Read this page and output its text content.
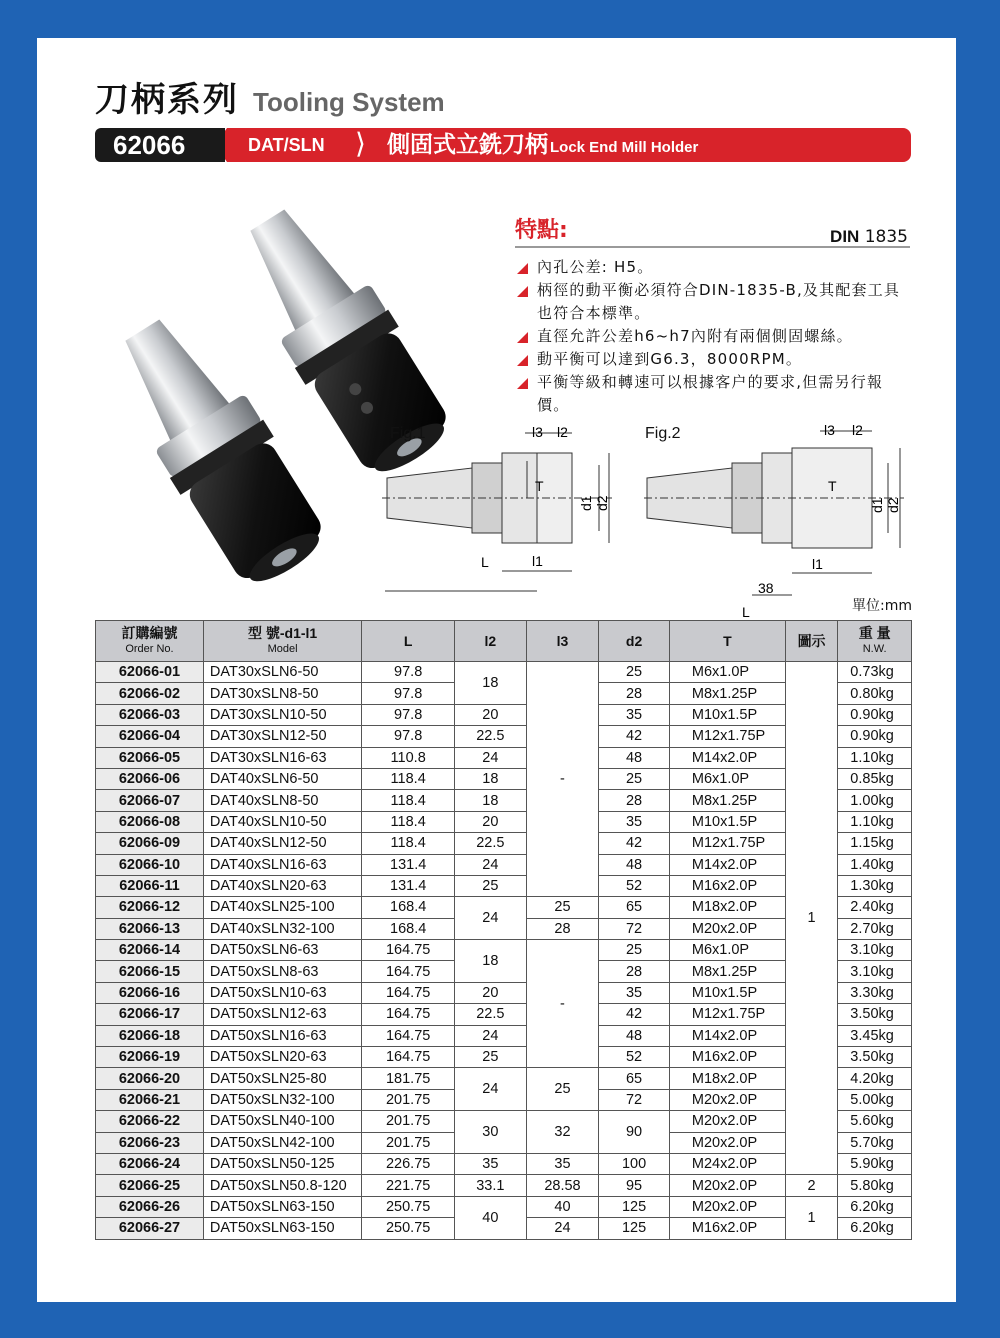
刀柄系列 Tooling System
62066	DAT/SLN ⟩ 側固式立銑刀柄 Lock End Mill Holder
特點:	DIN 1835
內孔公差: H5。
柄徑的動平衡必須符合DIN-1835-B,及其配套工具也符合本標準。
直徑允許公差h6~h7內附有兩個側固螺絲。
動平衡可以達到G6.3，8000RPM。
平衡等級和轉速可以根據客户的要求,但需另行報價。
Fig.1	l3 l2
T
d1 d2
L	l1
Fig.2	l3 l2
T
d1 d2
38
l1
L	單位:mm
訂購編號
Order No.	型 號-d1-l1
Model	L	l2	l3	d2	T	圖示	重 量
N.W.

62066-01	DAT30xSLN6-50	97.8	18	-	25	M6x1.0P	1	0.73kg
62066-02	DAT30xSLN8-50	97.8			28	M8x1.25P		0.80kg
62066-03	DAT30xSLN10-50	97.8	20		35	M10x1.5P		0.90kg
62066-04	DAT30xSLN12-50	97.8	22.5		42	M12x1.75P		0.90kg
62066-05	DAT30xSLN16-63	110.8	24		48	M14x2.0P		1.10kg
62066-06	DAT40xSLN6-50	118.4	18		25	M6x1.0P		0.85kg
62066-07	DAT40xSLN8-50	118.4	18		28	M8x1.25P		1.00kg
62066-08	DAT40xSLN10-50	118.4	20		35	M10x1.5P		1.10kg
62066-09	DAT40xSLN12-50	118.4	22.5		42	M12x1.75P		1.15kg
62066-10	DAT40xSLN16-63	131.4	24		48	M14x2.0P		1.40kg
62066-11	DAT40xSLN20-63	131.4	25		52	M16x2.0P		1.30kg
62066-12	DAT40xSLN25-100	168.4	24	25	65	M18x2.0P		2.40kg
62066-13	DAT40xSLN32-100	168.4		28	72	M20x2.0P		2.70kg
62066-14	DAT50xSLN6-63	164.75	18	-	25	M6x1.0P		3.10kg
62066-15	DAT50xSLN8-63	164.75			28	M8x1.25P		3.10kg
62066-16	DAT50xSLN10-63	164.75	20		35	M10x1.5P		3.30kg
62066-17	DAT50xSLN12-63	164.75	22.5		42	M12x1.75P		3.50kg
62066-18	DAT50xSLN16-63	164.75	24		48	M14x2.0P		3.45kg
62066-19	DAT50xSLN20-63	164.75	25		52	M16x2.0P		3.50kg
62066-20	DAT50xSLN25-80	181.75	24	25	65	M18x2.0P		4.20kg
62066-21	DAT50xSLN32-100	201.75			72	M20x2.0P		5.00kg
62066-22	DAT50xSLN40-100	201.75	30	32	90	M20x2.0P		5.60kg
62066-23	DAT50xSLN42-100	201.75				M20x2.0P		5.70kg
62066-24	DAT50xSLN50-125	226.75	35	35	100	M24x2.0P		5.90kg
62066-25	DAT50xSLN50.8-120	221.75	33.1	28.58	95	M20x2.0P	2	5.80kg
62066-26	DAT50xSLN63-150	250.75	40	40	125	M20x2.0P	1	6.20kg
62066-27	DAT50xSLN63-150	250.75		24	125	M16x2.0P		6.20kg
